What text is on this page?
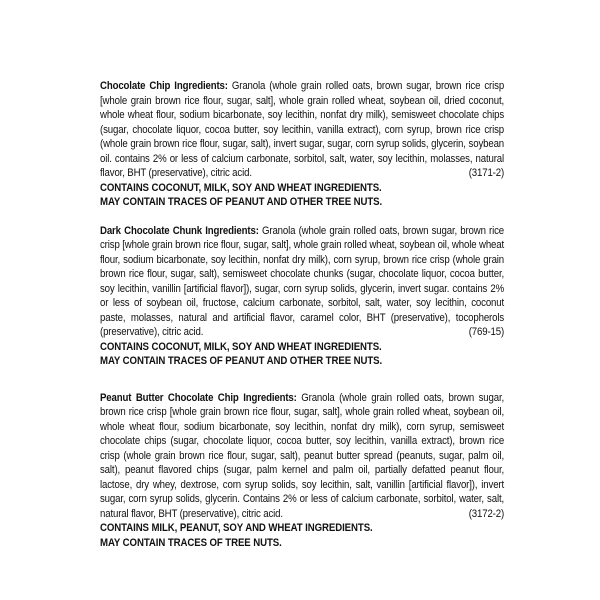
Chocolate Chip Ingredients: Granola (whole grain rolled oats, brown sugar, brown rice crisp [whole grain brown rice flour, sugar, salt], whole grain rolled wheat, soybean oil, dried coconut, whole wheat flour, sodium bicarbonate, soy lecithin, nonfat dry milk), semisweet chocolate chips (sugar, chocolate liquor, cocoa butter, soy lecithin, vanilla extract), corn syrup, brown rice crisp (whole grain brown rice flour, sugar, salt), invert sugar, sugar, corn syrup solids, glycerin, soybean oil. contains 2% or less of calcium carbonate, sorbitol, salt, water, soy lecithin, molasses, natural flavor, BHT (preservative), citric acid.	(3171-2)

CONTAINS COCONUT, MILK, SOY AND WHEAT INGREDIENTS.

MAY CONTAIN TRACES OF PEANUT AND OTHER TREE NUTS.

Dark Chocolate Chunk Ingredients: Granola (whole grain rolled oats, brown sugar, brown rice crisp [whole grain brown rice flour, sugar, salt], whole grain rolled wheat, soybean oil, whole wheat flour, sodium bicarbonate, soy lecithin, nonfat dry milk), corn syrup, brown rice crisp (whole grain brown rice flour, sugar, salt), semisweet chocolate chunks (sugar, chocolate liquor, cocoa butter, soy lecithin, vanillin [artificial flavor]), sugar, corn syrup solids, glycerin, invert sugar. contains 2% or less of soybean oil, fructose, calcium carbonate, sorbitol, salt, water, soy lecithin, coconut paste, molasses, natural and artificial flavor, caramel color, BHT (preservative), tocopherols (preservative), citric acid.	(769-15)

CONTAINS COCONUT, MILK, SOY AND WHEAT INGREDIENTS.

MAY CONTAIN TRACES OF PEANUT AND OTHER TREE NUTS.

Peanut Butter Chocolate Chip Ingredients: Granola (whole grain rolled oats, brown sugar, brown rice crisp [whole grain brown rice flour, sugar, salt], whole grain rolled wheat, soybean oil, whole wheat flour, sodium bicarbonate, soy lecithin, nonfat dry milk), corn syrup, semisweet chocolate chips (sugar, chocolate liquor, cocoa butter, soy lecithin, vanilla extract), brown rice crisp (whole grain brown rice flour, sugar, salt), peanut butter spread (peanuts, sugar, palm oil, salt), peanut flavored chips (sugar, palm kernel and palm oil, partially defatted peanut flour, lactose, dry whey, dextrose, corn syrup solids, soy lecithin, salt, vanillin [artificial flavor]), invert sugar, corn syrup solids, glycerin. Contains 2% or less of calcium carbonate, sorbitol, water, salt, natural flavor, BHT (preservative), citric acid.	(3172-2)

CONTAINS MILK, PEANUT, SOY AND WHEAT INGREDIENTS.

MAY CONTAIN TRACES OF TREE NUTS.
